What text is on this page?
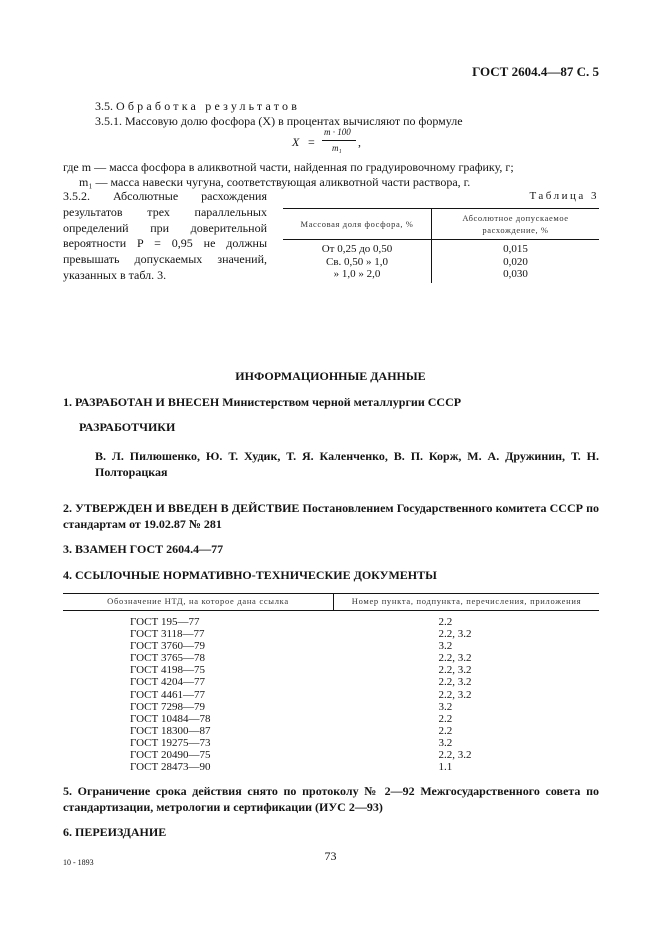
ГОСТ 2604.4—87 С. 5
3.5. Обработка результатов
3.5.1. Массовую долю фосфора (X) в процентах вычисляют по формуле
X =
m · 100
m₁ ,
где m — масса фосфора в аликвотной части, найденная по градуировочному графику, г;
m₁ — масса навески чугуна, соответствующая аликвотной части раствора, г.
3.5.2. Абсолютные расхождения результатов трех параллельных определений при доверительной вероятности P = 0,95 не должны превышать допускаемых значений, указанных в табл. 3.
Таблица 3
Массовая доля фосфора, %	Абсолютное допускаемое расхождение, %
От 0,25 до 0,50	0,015
Св. 0,50 » 1,0	0,020
» 1,0 » 2,0	0,030
ИНФОРМАЦИОННЫЕ ДАННЫЕ
1. РАЗРАБОТАН И ВНЕСЕН Министерством черной металлургии СССР
РАЗРАБОТЧИКИ
В. Л. Пилюшенко, Ю. Т. Худик, Т. Я. Каленченко, В. П. Корж, М. А. Дружинин, Т. Н. Полторацкая
2. УТВЕРЖДЕН И ВВЕДЕН В ДЕЙСТВИЕ Постановлением Государственного комитета СССР по стандартам от 19.02.87 № 281
3. ВЗАМЕН ГОСТ 2604.4—77
4. ССЫЛОЧНЫЕ НОРМАТИВНО-ТЕХНИЧЕСКИЕ ДОКУМЕНТЫ
Обозначение НТД, на которое дана ссылка	Номер пункта, подпункта, перечисления, приложения
ГОСТ 195—77	2.2
ГОСТ 3118—77	2.2, 3.2
ГОСТ 3760—79	3.2
ГОСТ 3765—78	2.2, 3.2
ГОСТ 4198—75	2.2, 3.2
ГОСТ 4204—77	2.2, 3.2
ГОСТ 4461—77	2.2, 3.2
ГОСТ 7298—79	3.2
ГОСТ 10484—78	2.2
ГОСТ 18300—87	2.2
ГОСТ 19275—73	3.2
ГОСТ 20490—75	2.2, 3.2
ГОСТ 28473—90	1.1
5. Ограничение срока действия снято по протоколу № 2—92 Межгосударственного совета по стандартизации, метрологии и сертификации (ИУС 2—93)
6. ПЕРЕИЗДАНИЕ
10 - 1893	73
